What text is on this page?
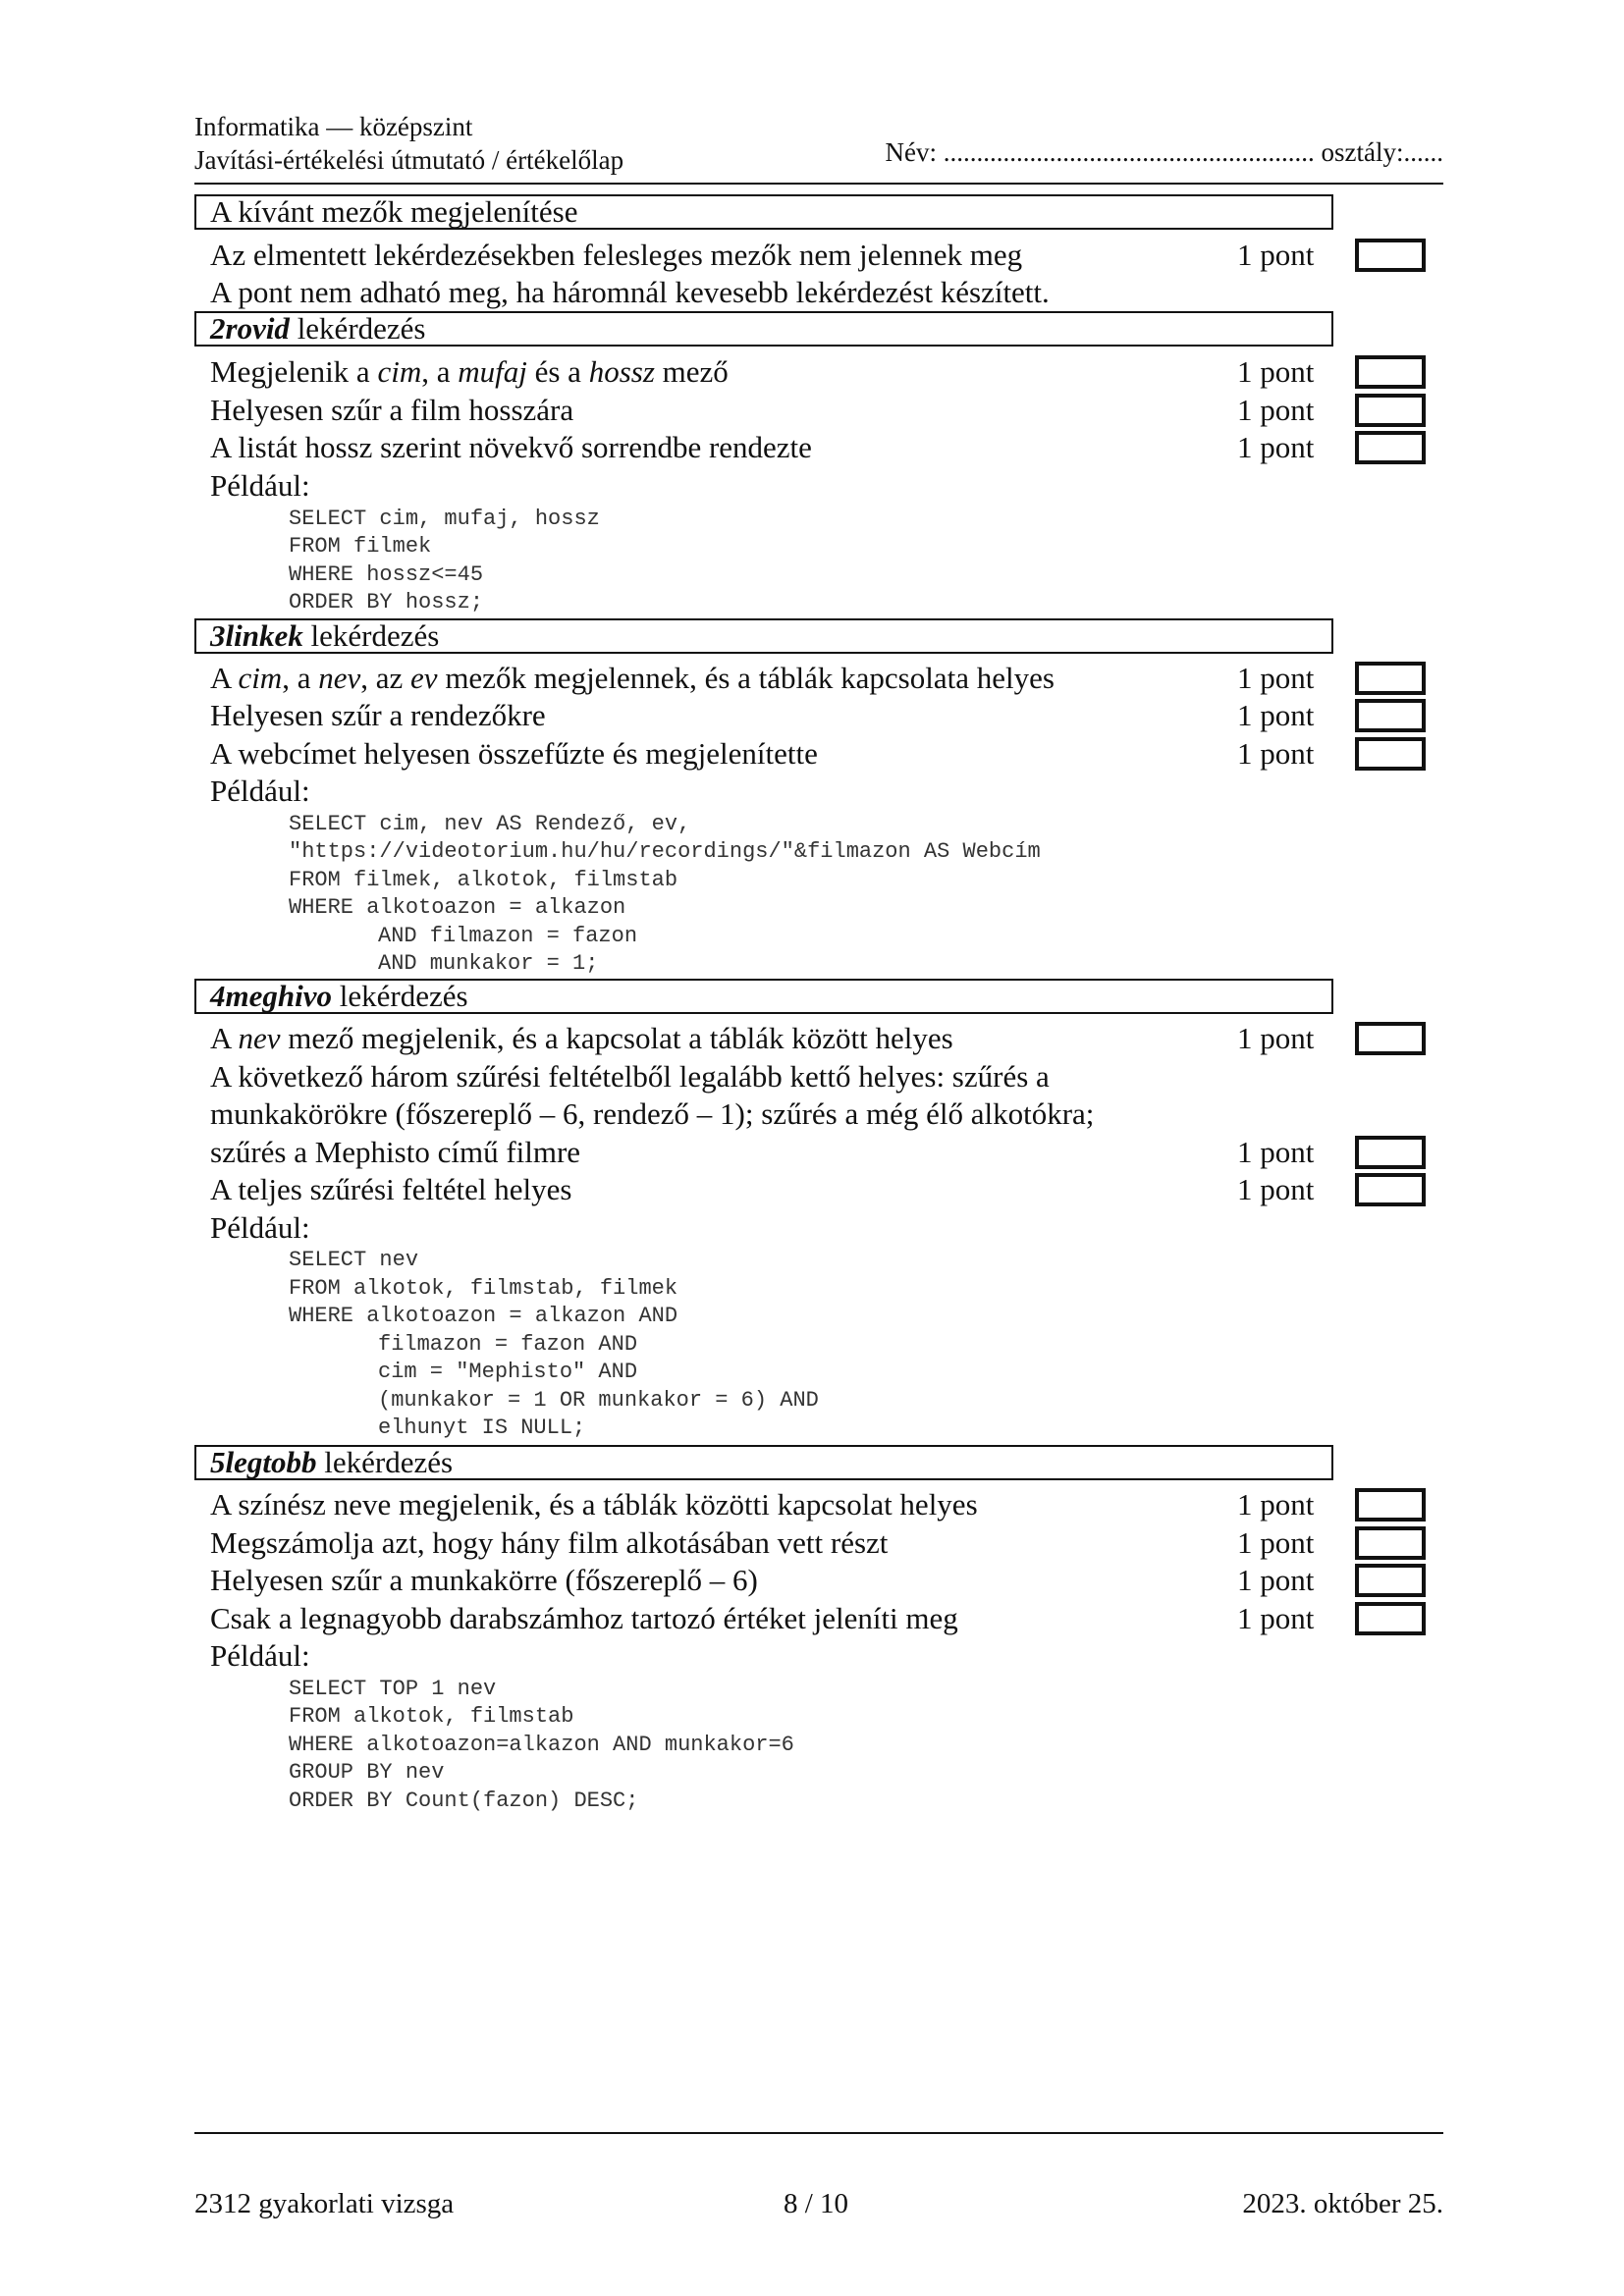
Informatika — középszint
Javítási-értékelési útmutató / értékelőlap	Név: ........................................................ osztály:......
A kívánt mezők megjelenítése
Az elmentett lekérdezésekben felesleges mezők nem jelennek meg	1 pont
A pont nem adható meg, ha háromnál kevesebb lekérdezést készített.
2rovid lekérdezés
Megjelenik a cim, a mufaj és a hossz mező	1 pont
Helyesen szűr a film hosszára	1 pont
A listát hossz szerint növekvő sorrendbe rendezte	1 pont
Például:
SELECT cim, mufaj, hossz
FROM filmek
WHERE hossz<=45
ORDER BY hossz;
3linkek lekérdezés
A cim, a nev, az ev mezők megjelennek, és a táblák kapcsolata helyes	1 pont
Helyesen szűr a rendezőkre	1 pont
A webcímet helyesen összefűzte és megjelenítette	1 pont
Például:
SELECT cim, nev AS Rendező, ev,
"https://videotorium.hu/hu/recordings/"&filmazon AS Webcím
FROM filmek, alkotok, filmstab
WHERE alkotoazon = alkazon
AND filmazon = fazon
AND munkakor = 1;
4meghivo lekérdezés
A nev mező megjelenik, és a kapcsolat a táblák között helyes	1 pont
A következő három szűrési feltételből legalább kettő helyes: szűrés a
munkakörökre (főszereplő – 6, rendező – 1); szűrés a még élő alkotókra;
szűrés a Mephisto című filmre	1 pont
A teljes szűrési feltétel helyes	1 pont
Például:
SELECT nev
FROM alkotok, filmstab, filmek
WHERE alkotoazon = alkazon AND
filmazon = fazon AND
cim = "Mephisto" AND
(munkakor = 1 OR munkakor = 6) AND
elhunyt IS NULL;
5legtobb lekérdezés
A színész neve megjelenik, és a táblák közötti kapcsolat helyes	1 pont
Megszámolja azt, hogy hány film alkotásában vett részt	1 pont
Helyesen szűr a munkakörre (főszereplő – 6)	1 pont
Csak a legnagyobb darabszámhoz tartozó értéket jeleníti meg	1 pont
Például:
SELECT TOP 1 nev
FROM alkotok, filmstab
WHERE alkotoazon=alkazon AND munkakor=6
GROUP BY nev
ORDER BY Count(fazon) DESC;
2312 gyakorlati vizsga	8 / 10	2023. október 25.
